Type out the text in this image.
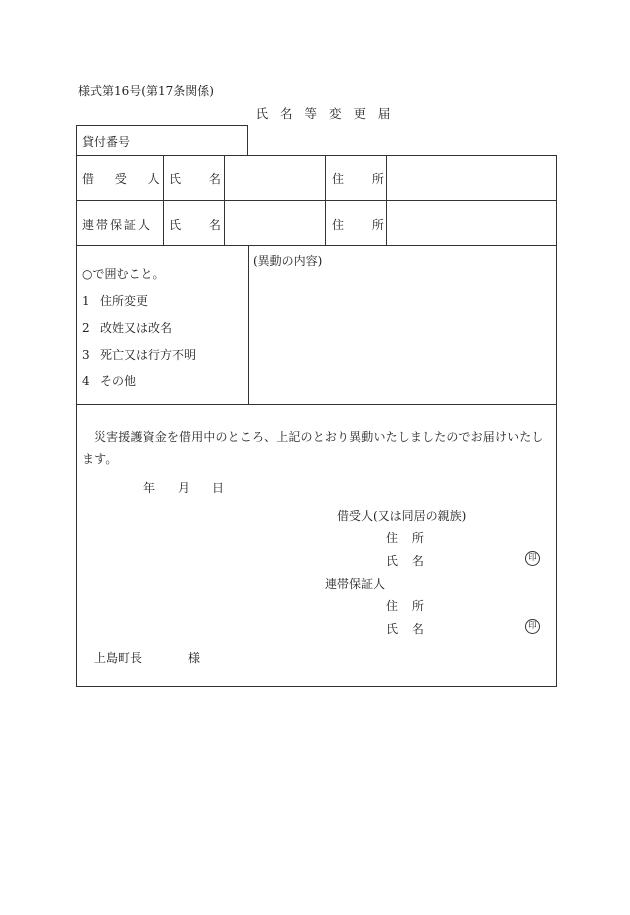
様式第16号(第17条関係)
氏 名 等 変 更 届
貸付番号
借 受 人 氏 名	住 所
連帯保証人 氏 名	住 所
○で囲むこと。
1 住所変更
2 改姓又は改名
3 死亡又は行方不明
4 その他
(異動の内容)
災害援護資金を借用中のところ、上記のとおり異動いたしましたのでお届けいたします。
年 月 日
借受人(又は同居の親族)
住 所
氏 名	印
連帯保証人
住 所
氏 名	印
上島町長	様
